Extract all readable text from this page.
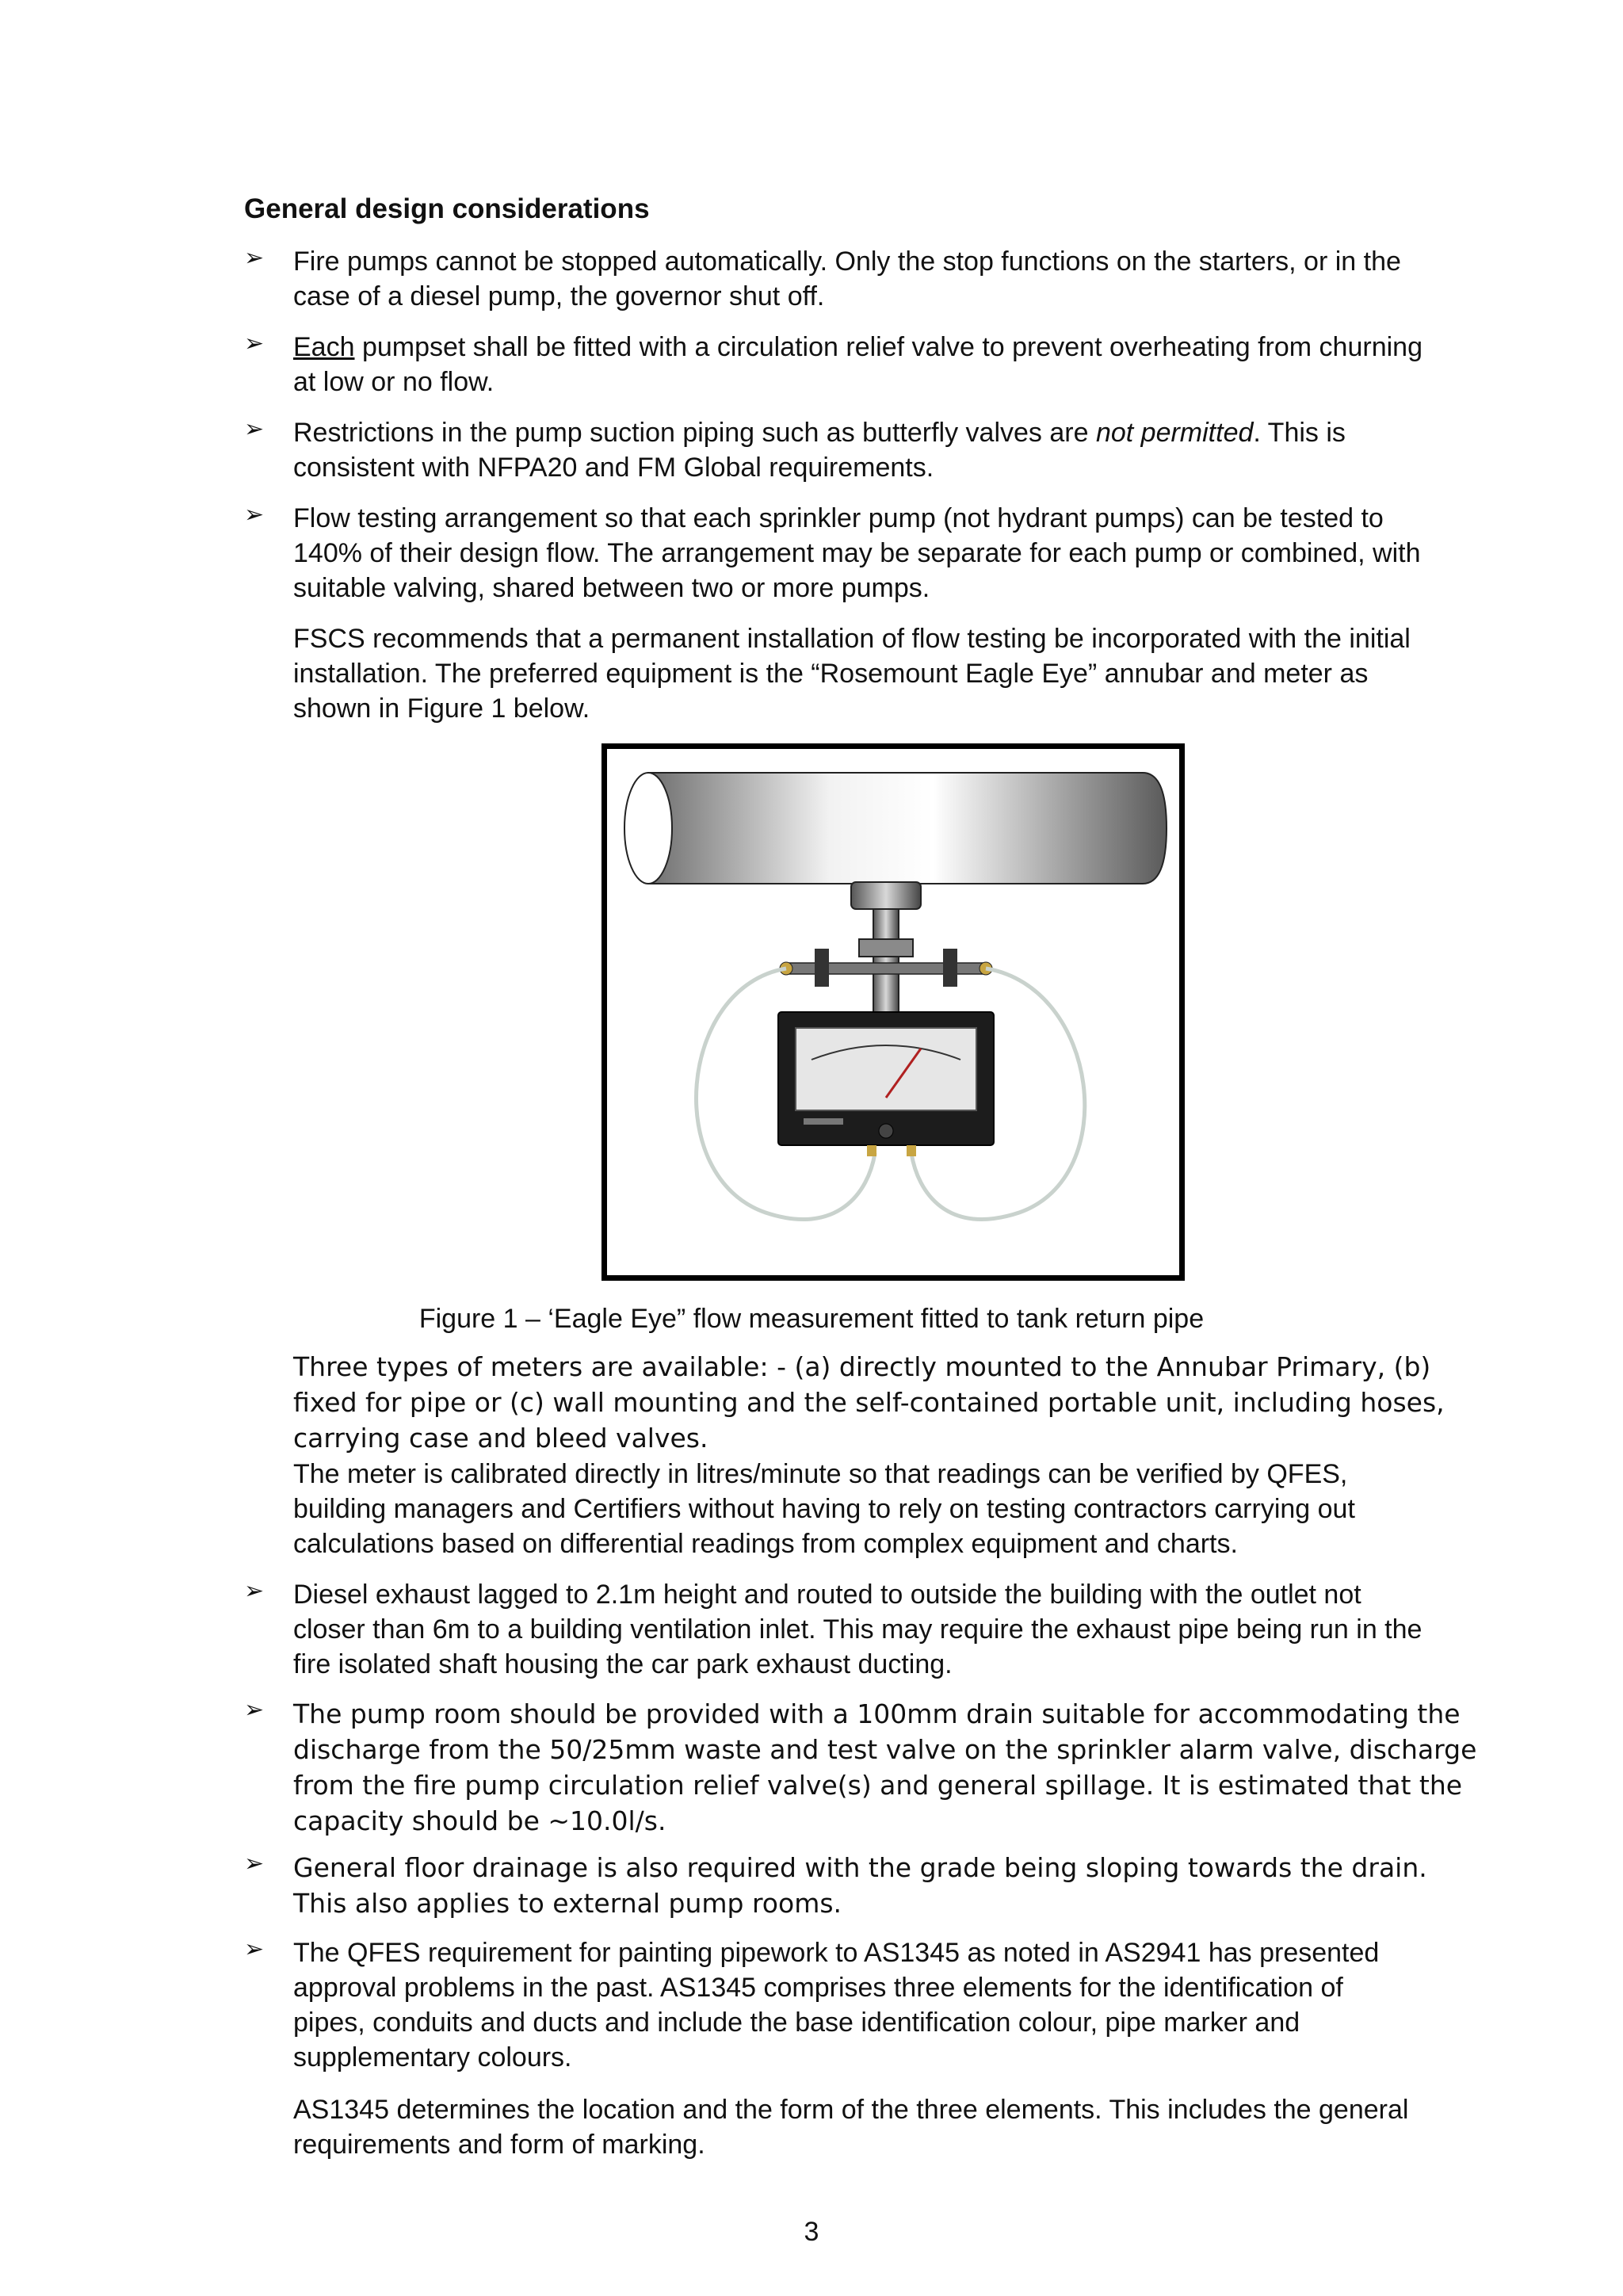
General design considerations
➢	Fire pumps cannot be stopped automatically. Only the stop functions on the starters, or in the
case of a diesel pump, the governor shut off.
➢	Each pumpset shall be fitted with a circulation relief valve to prevent overheating from churning
at low or no flow.
➢	Restrictions in the pump suction piping such as butterfly valves are not permitted. This is
consistent with NFPA20 and FM Global requirements.
➢	Flow testing arrangement so that each sprinkler pump (not hydrant pumps) can be tested to
140% of their design flow. The arrangement may be separate for each pump or combined, with
suitable valving, shared between two or more pumps.
FSCS recommends that a permanent installation of flow testing be incorporated with the initial
installation. The preferred equipment is the “Rosemount Eagle Eye” annubar and meter as
shown in Figure 1 below.
Figure 1 – ‘Eagle Eye” flow measurement fitted to tank return pipe
Three types of meters are available: - (a) directly mounted to the Annubar Primary, (b)
fixed for pipe or (c) wall mounting and the self-contained portable unit, including hoses,
carrying case and bleed valves.
The meter is calibrated directly in litres/minute so that readings can be verified by QFES,
building managers and Certifiers without having to rely on testing contractors carrying out
calculations based on differential readings from complex equipment and charts.
➢	Diesel exhaust lagged to 2.1m height and routed to outside the building with the outlet not
closer than 6m to a building ventilation inlet. This may require the exhaust pipe being run in the
fire isolated shaft housing the car park exhaust ducting.
➢	The pump room should be provided with a 100mm drain suitable for accommodating the
discharge from the 50/25mm waste and test valve on the sprinkler alarm valve, discharge
from the fire pump circulation relief valve(s) and general spillage. It is estimated that the
capacity should be ~10.0l/s.
➢	General floor drainage is also required with the grade being sloping towards the drain.
This also applies to external pump rooms.
➢	The QFES requirement for painting pipework to AS1345 as noted in AS2941 has presented
approval problems in the past. AS1345 comprises three elements for the identification of
pipes, conduits and ducts and include the base identification colour, pipe marker and
supplementary colours.
AS1345 determines the location and the form of the three elements. This includes the general
requirements and form of marking.
3
